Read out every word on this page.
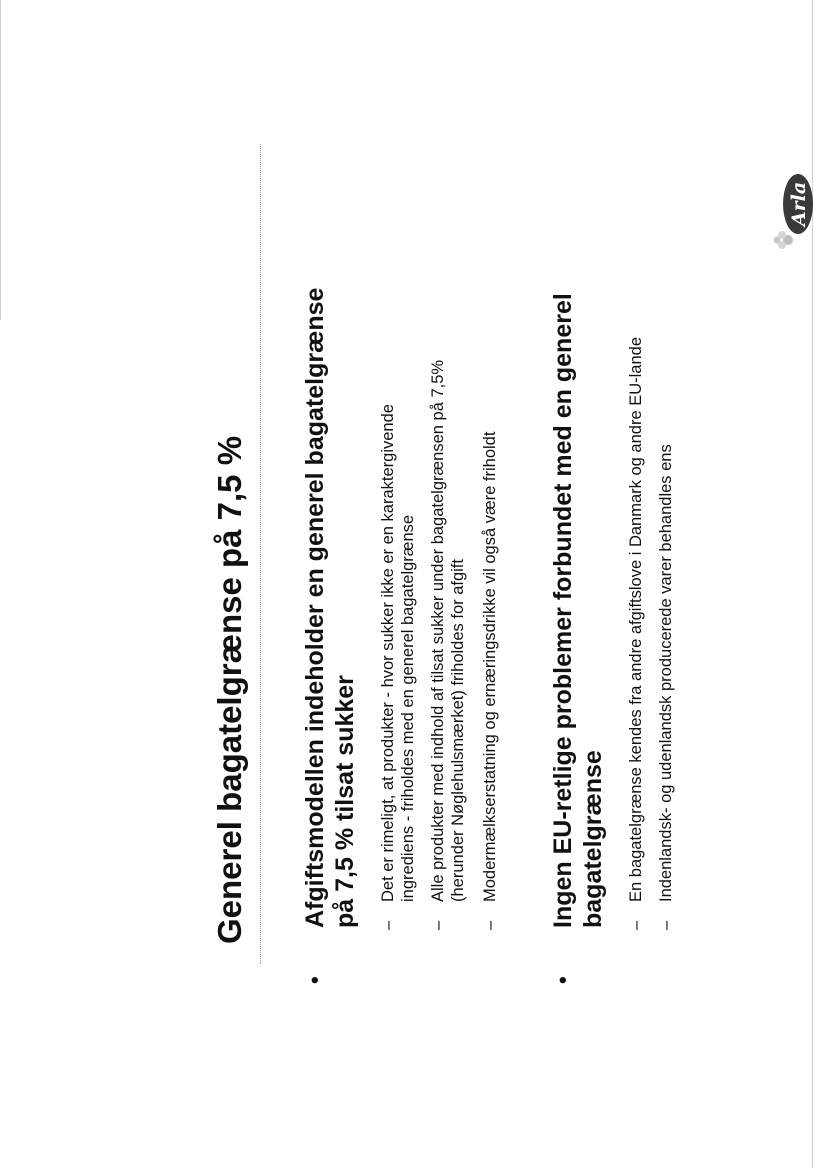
Generel bagatelgrænse på 7,5 %
•
Afgiftsmodellen indeholder en generel bagatelgrænse på 7,5 % tilsat sukker –
Det er rimeligt, at produkter - hvor sukker ikke er en karaktergivende ingrediens - friholdes med en generel bagatelgrænse
–
Alle produkter med indhold af tilsat sukker under bagatelgrænsen på 7,5% (herunder Nøglehulsmærket) friholdes for afgift
–
Modermælkserstatning og ernæringsdrikke vil også være friholdt
•
Ingen EU-retlige problemer forbundet med en generel bagatelgrænse –
En bagatelgrænse kendes fra andre afgiftslove i Danmark og andre EU-lande
–
Indenlandsk- og udenlandsk producerede varer behandles ens
Arla
